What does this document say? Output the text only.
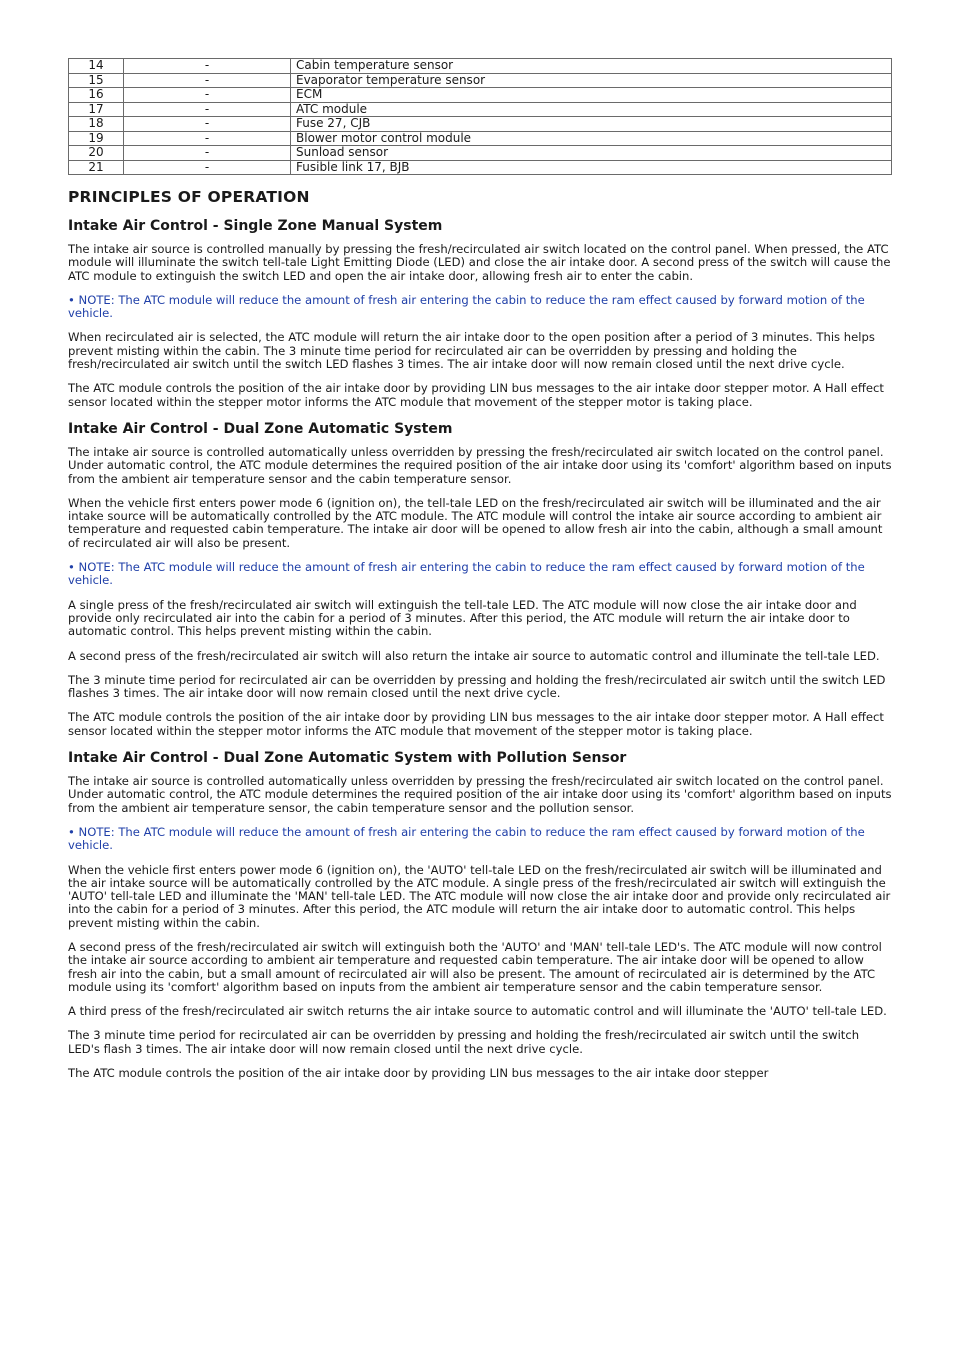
14	-	Cabin temperature sensor
15	-	Evaporator temperature sensor
16	-	ECM
17	-	ATC module
18	-	Fuse 27, CJB
19	-	Blower motor control module
20	-	Sunload sensor
21	-	Fusible link 17, BJB
PRINCIPLES OF OPERATION
Intake Air Control - Single Zone Manual System

The intake air source is controlled manually by pressing the fresh/recirculated air switch located on the control panel. When pressed, the ATC module will illuminate the switch tell-tale Light Emitting Diode (LED) and close the air intake door. A second press of the switch will cause the ATC module to extinguish the switch LED and open the air intake door, allowing fresh air to enter the cabin.

• NOTE: The ATC module will reduce the amount of fresh air entering the cabin to reduce the ram effect caused by forward motion of the vehicle.

When recirculated air is selected, the ATC module will return the air intake door to the open position after a period of 3 minutes. This helps prevent misting within the cabin. The 3 minute time period for recirculated air can be overridden by pressing and holding the fresh/recirculated air switch until the switch LED flashes 3 times. The air intake door will now remain closed until the next drive cycle.

The ATC module controls the position of the air intake door by providing LIN bus messages to the air intake door stepper motor. A Hall effect sensor located within the stepper motor informs the ATC module that movement of the stepper motor is taking place.

Intake Air Control - Dual Zone Automatic System

The intake air source is controlled automatically unless overridden by pressing the fresh/recirculated air switch located on the control panel. Under automatic control, the ATC module determines the required position of the air intake door using its 'comfort' algorithm based on inputs from the ambient air temperature sensor and the cabin temperature sensor.

When the vehicle first enters power mode 6 (ignition on), the tell-tale LED on the fresh/recirculated air switch will be illuminated and the air intake source will be automatically controlled by the ATC module. The ATC module will control the intake air source according to ambient air temperature and requested cabin temperature. The intake air door will be opened to allow fresh air into the cabin, although a small amount of recirculated air will also be present.

• NOTE: The ATC module will reduce the amount of fresh air entering the cabin to reduce the ram effect caused by forward motion of the vehicle.

A single press of the fresh/recirculated air switch will extinguish the tell-tale LED. The ATC module will now close the air intake door and provide only recirculated air into the cabin for a period of 3 minutes. After this period, the ATC module will return the air intake door to automatic control. This helps prevent misting within the cabin.

A second press of the fresh/recirculated air switch will also return the intake air source to automatic control and illuminate the tell-tale LED.

The 3 minute time period for recirculated air can be overridden by pressing and holding the fresh/recirculated air switch until the switch LED flashes 3 times. The air intake door will now remain closed until the next drive cycle.

The ATC module controls the position of the air intake door by providing LIN bus messages to the air intake door stepper motor. A Hall effect sensor located within the stepper motor informs the ATC module that movement of the stepper motor is taking place.

Intake Air Control - Dual Zone Automatic System with Pollution Sensor

The intake air source is controlled automatically unless overridden by pressing the fresh/recirculated air switch located on the control panel. Under automatic control, the ATC module determines the required position of the air intake door using its 'comfort' algorithm based on inputs from the ambient air temperature sensor, the cabin temperature sensor and the pollution sensor.

• NOTE: The ATC module will reduce the amount of fresh air entering the cabin to reduce the ram effect caused by forward motion of the vehicle.

When the vehicle first enters power mode 6 (ignition on), the 'AUTO' tell-tale LED on the fresh/recirculated air switch will be illuminated and the air intake source will be automatically controlled by the ATC module. A single press of the fresh/recirculated air switch will extinguish the 'AUTO' tell-tale LED and illuminate the 'MAN' tell-tale LED. The ATC module will now close the air intake door and provide only recirculated air into the cabin for a period of 3 minutes. After this period, the ATC module will return the air intake door to automatic control. This helps prevent misting within the cabin.

A second press of the fresh/recirculated air switch will extinguish both the 'AUTO' and 'MAN' tell-tale LED's. The ATC module will now control the intake air source according to ambient air temperature and requested cabin temperature. The air intake door will be opened to allow fresh air into the cabin, but a small amount of recirculated air will also be present. The amount of recirculated air is determined by the ATC module using its 'comfort' algorithm based on inputs from the ambient air temperature sensor and the cabin temperature sensor.

A third press of the fresh/recirculated air switch returns the air intake source to automatic control and will illuminate the 'AUTO' tell-tale LED.

The 3 minute time period for recirculated air can be overridden by pressing and holding the fresh/recirculated air switch until the switch LED's flash 3 times. The air intake door will now remain closed until the next drive cycle.

The ATC module controls the position of the air intake door by providing LIN bus messages to the air intake door stepper
